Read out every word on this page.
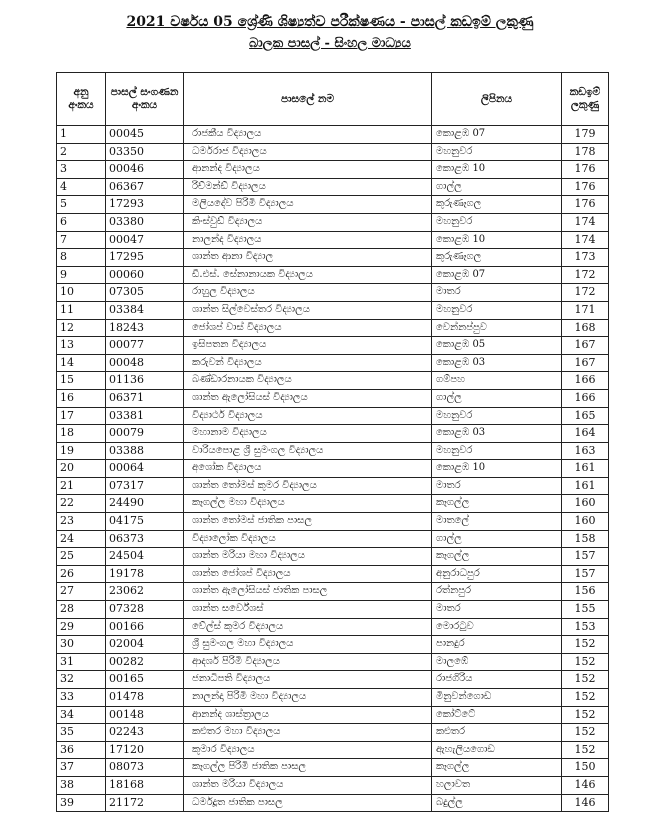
2021 වර්ෂය 05 ශ්‍රේණි ශිෂ්‍යත්ව පරීක්ෂණය - පාසල් කඩඉම් ලකුණු
බාලක පාසල් - සිංහල මාධ්‍යය
අනු අංකය	පාසල් සංගණන අංකය	පාසලේ නම	ලිපිනය	කඩඉම් ලකුණු
1	00045	රාජකීය විද්‍යාලය	කොළඹ 07	179
2	03350	ධර්මරාජ විද්‍යාලය	මහනුවර	178
3	00046	ආනන්ද විද්‍යාලය	කොළඹ 10	176
4	06367	රිච්මන්ඩ් විද්‍යාලය	ගාල්ල	176
5	17293	මලියදේව පිරිමි විද්‍යාලය	කුරුණෑගල	176
6	03380	කිංස්වුඩ් විද්‍යාලය	මහනුවර	174
7	00047	නාලන්ද විද්‍යාලය	කොළඹ 10	174
8	17295	ශාන්ත ආනා විද්‍යාල	කුරුණෑගල	173
9	00060	ඩී.එස්. සේනානායක විද්‍යාලය	කොළඹ 07	172
10	07305	රාහුල විද්‍යාලය	මාතර	172
11	03384	ශාන්ත සිල්වෙස්තර විද්‍යාලය	මහනුවර	171
12	18243	ජෝශප් වාස් විද්‍යාලය	වෙන්නප්පුව	168
13	00077	ඉසිපතන විද්‍යාලය	කොළඹ 05	167
14	00048	කරුවන් විද්‍යාලය	කොළඹ 03	167
15	01136	බණ්ඩාරනායක විද්‍යාලය	ගම්පහ	166
16	06371	ශාන්ත ඇලෝසියස් විද්‍යාලය	ගාල්ල	166
17	03381	විද්‍යාර්ථ විද්‍යාලය	මහනුවර	165
18	00079	මහානාම විද්‍යාලය	කොළඹ 03	164
19	03388	වාරියපොළ ශ්‍රී සුමංගල විද්‍යාලය	මහනුවර	163
20	00064	අශෝක විද්‍යාලය	කොළඹ 10	161
21	07317	ශාන්ත තෝමස් කුමර විද්‍යාලය	මාතර	161
22	24490	කෑගල්ල මහා විද්‍යාලය	කෑගල්ල	160
23	04175	ශාන්ත තෝමස් ජාතික පාසල	මාතලේ	160
24	06373	විද්‍යාලෝක විද්‍යාලය	ගාල්ල	158
25	24504	ශාන්ත මරියා මහා විද්‍යාලය	කෑගල්ල	157
26	19178	ශාන්ත ජෝශප් විද්‍යාලය	අනුරාධපුර	157
27	23062	ශාන්ත ඇලෝසියස් ජාතික පාසල	රත්නපුර	156
28	07328	ශාන්ත සර්වේශස්	මාතර	155
29	00166	වේල්ස් කුමර විද්‍යාලය	මොරටුව	153
30	02004	ශ්‍රී සුමංගල මහා විද්‍යාලය	පානදුර	152
31	00282	ආදර්ශ පිරිමි විද්‍යාලය	මාලඹේ	152
32	00165	ජනාධිපති විද්‍යාලය	රාජගිරිය	152
33	01478	නාලන්දා පිරිමි මහා විද්‍යාලය	මිනුවන්ගොඩ	152
34	00148	ආනන්ද ශාස්ත්‍රාලය	කෝට්ටේ	152
35	02243	කළුතර මහා විද්‍යාලය	කළුතර	152
36	17120	කුමාර විද්‍යාලය	ඇහැලියගොඩ	152
37	08073	කෑගල්ල පිරිමි ජාතික පාසල	කෑගල්ල	150
38	18168	ශාන්ත මරියා විද්‍යාලය	හලාවත	146
39	21172	ධර්මදූත ජාතික පාසල	බදුල්ල	146
